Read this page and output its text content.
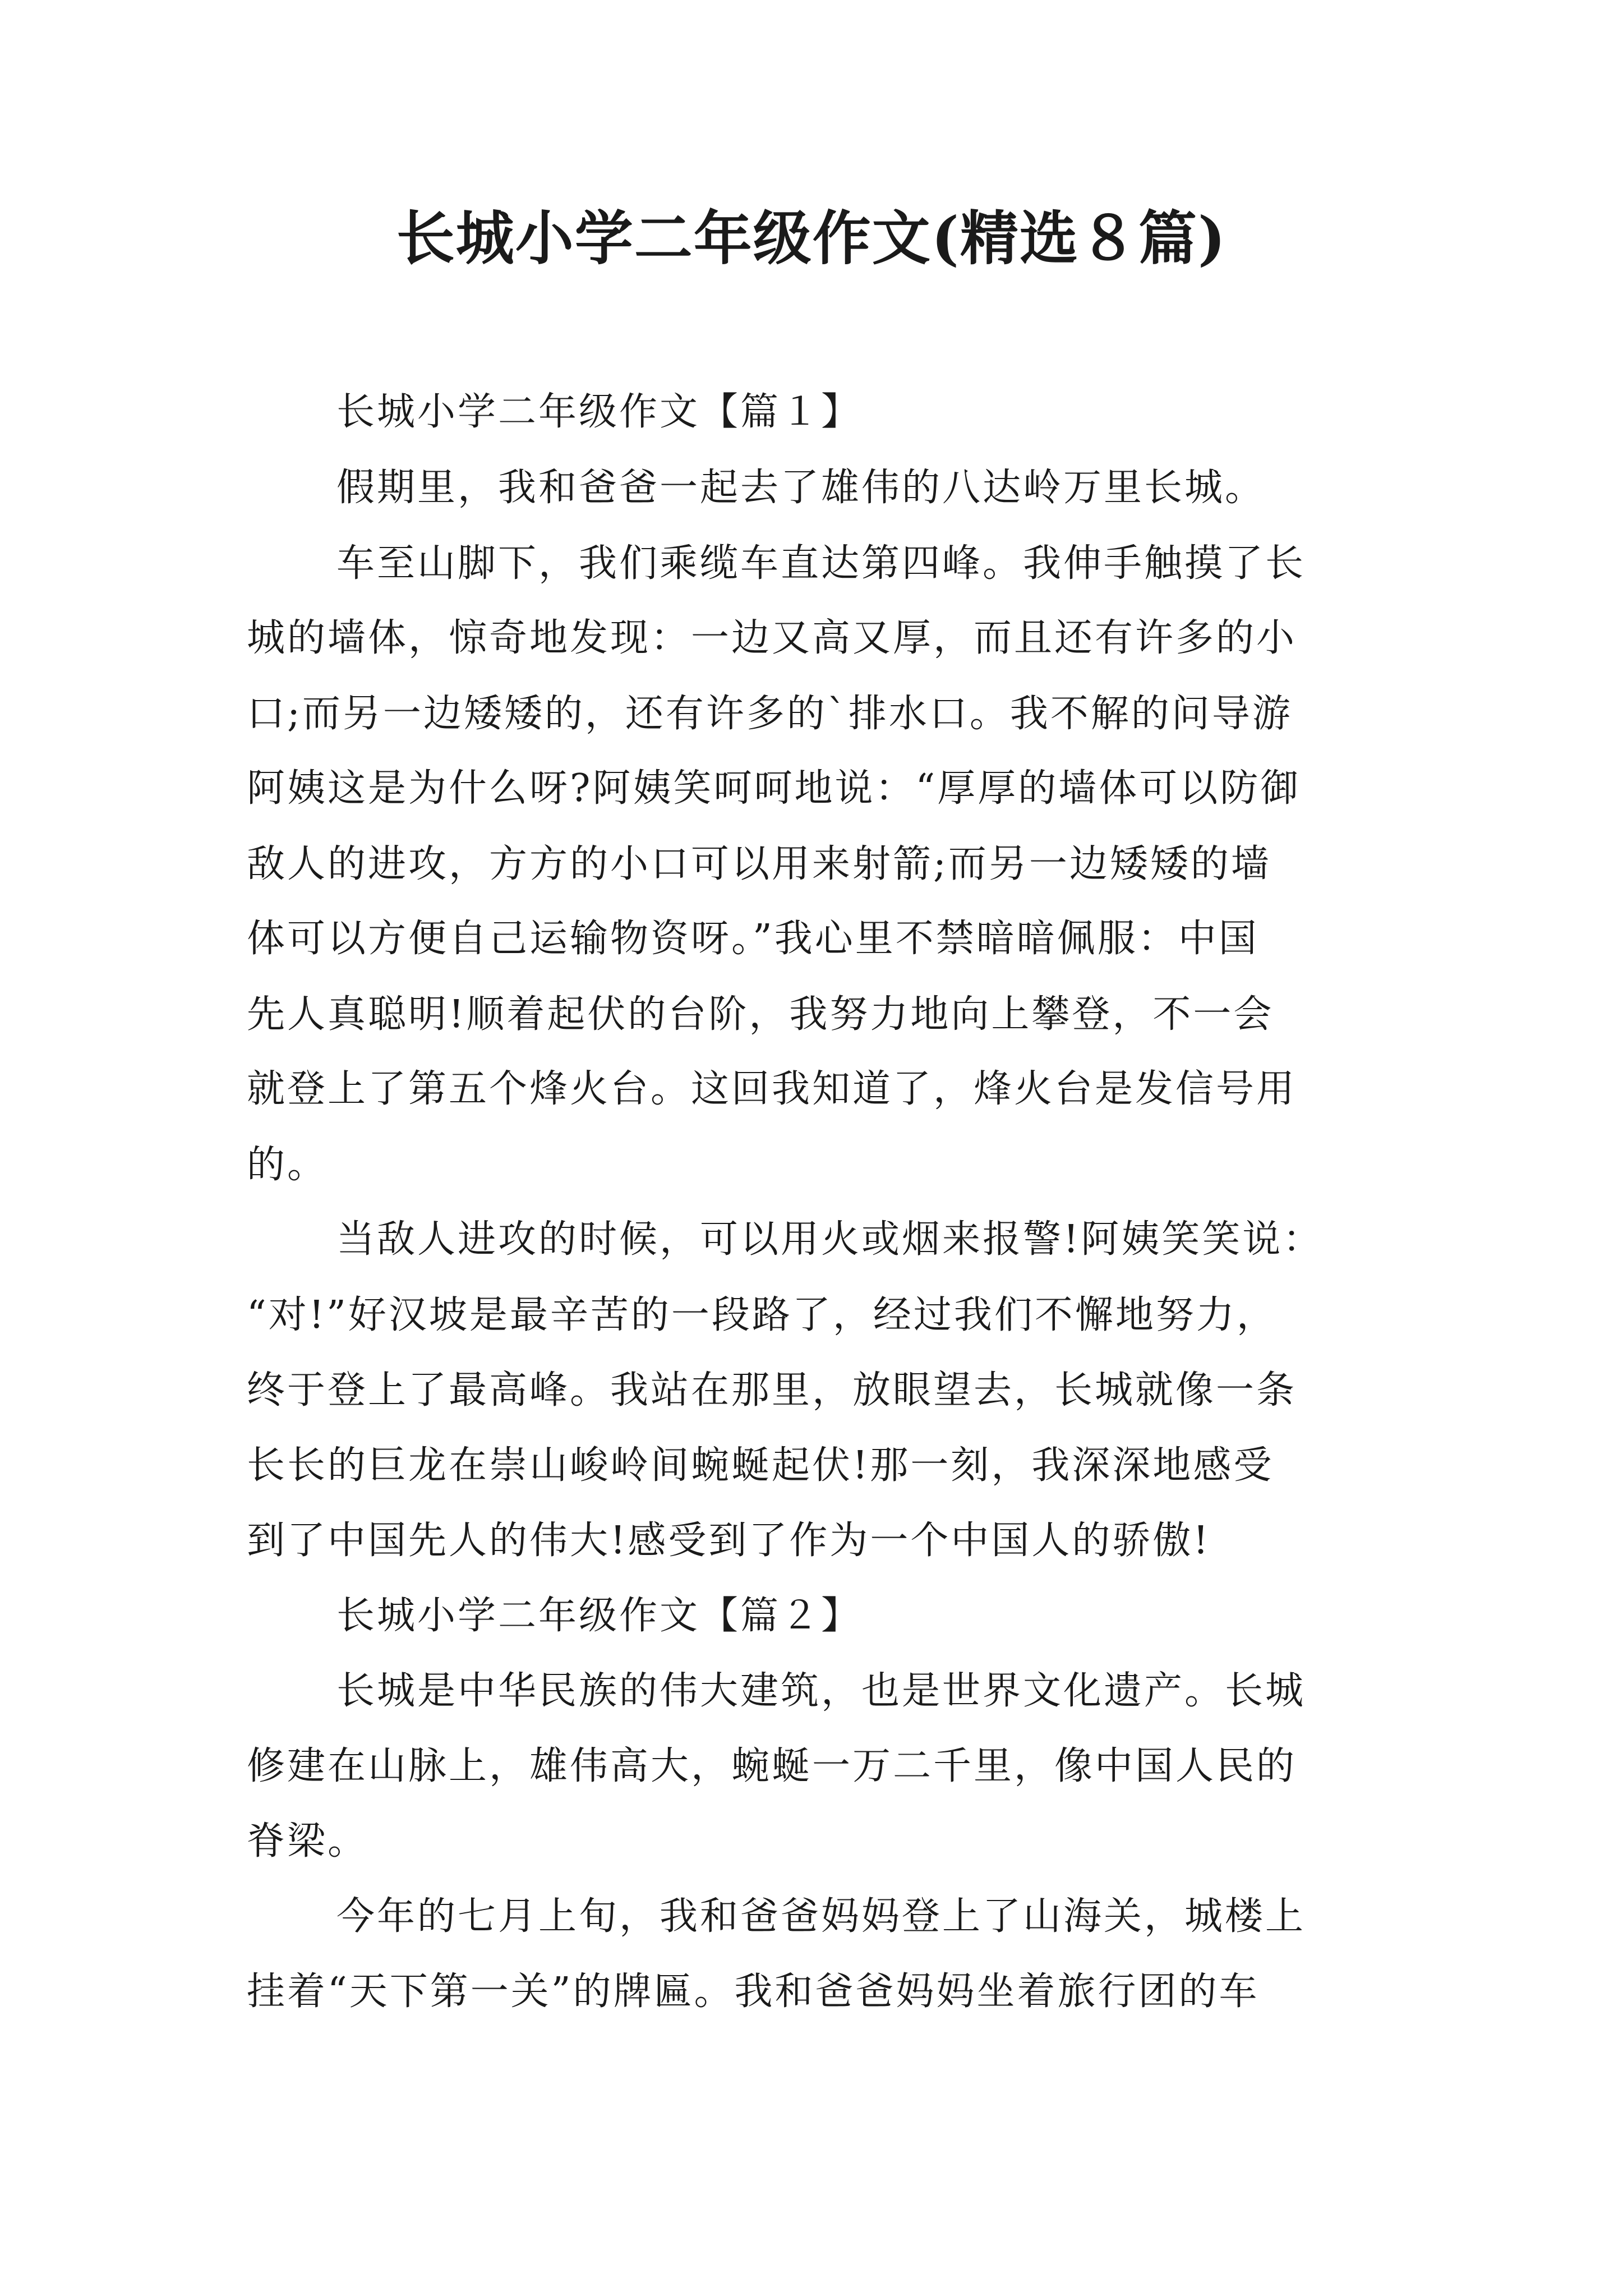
长城小学二年级作文(精选８篇)
长城小学二年级作文【篇１】
假期里，我和爸爸一起去了雄伟的八达岭万里长城。
车至山脚下，我们乘缆车直达第四峰。我伸手触摸了长
城的墙体，惊奇地发现：一边又高又厚，而且还有许多的小
口;而另一边矮矮的，还有许多的`排水口。我不解的问导游
阿姨这是为什么呀?阿姨笑呵呵地说：“厚厚的墙体可以防御
敌人的进攻，方方的小口可以用来射箭;而另一边矮矮的墙
体可以方便自己运输物资呀。”我心里不禁暗暗佩服：中国
先人真聪明!顺着起伏的台阶，我努力地向上攀登，不一会
就登上了第五个烽火台。这回我知道了，烽火台是发信号用
的。
当敌人进攻的时候，可以用火或烟来报警!阿姨笑笑说：
“对!”好汉坡是最辛苦的一段路了，经过我们不懈地努力，
终于登上了最高峰。我站在那里，放眼望去，长城就像一条
长长的巨龙在崇山峻岭间蜿蜒起伏!那一刻，我深深地感受
到了中国先人的伟大!感受到了作为一个中国人的骄傲!
长城小学二年级作文【篇２】
长城是中华民族的伟大建筑，也是世界文化遗产。长城
修建在山脉上，雄伟高大，蜿蜒一万二千里，像中国人民的
脊梁。
今年的七月上旬，我和爸爸妈妈登上了山海关，城楼上
挂着“天下第一关”的牌匾。我和爸爸妈妈坐着旅行团的车
